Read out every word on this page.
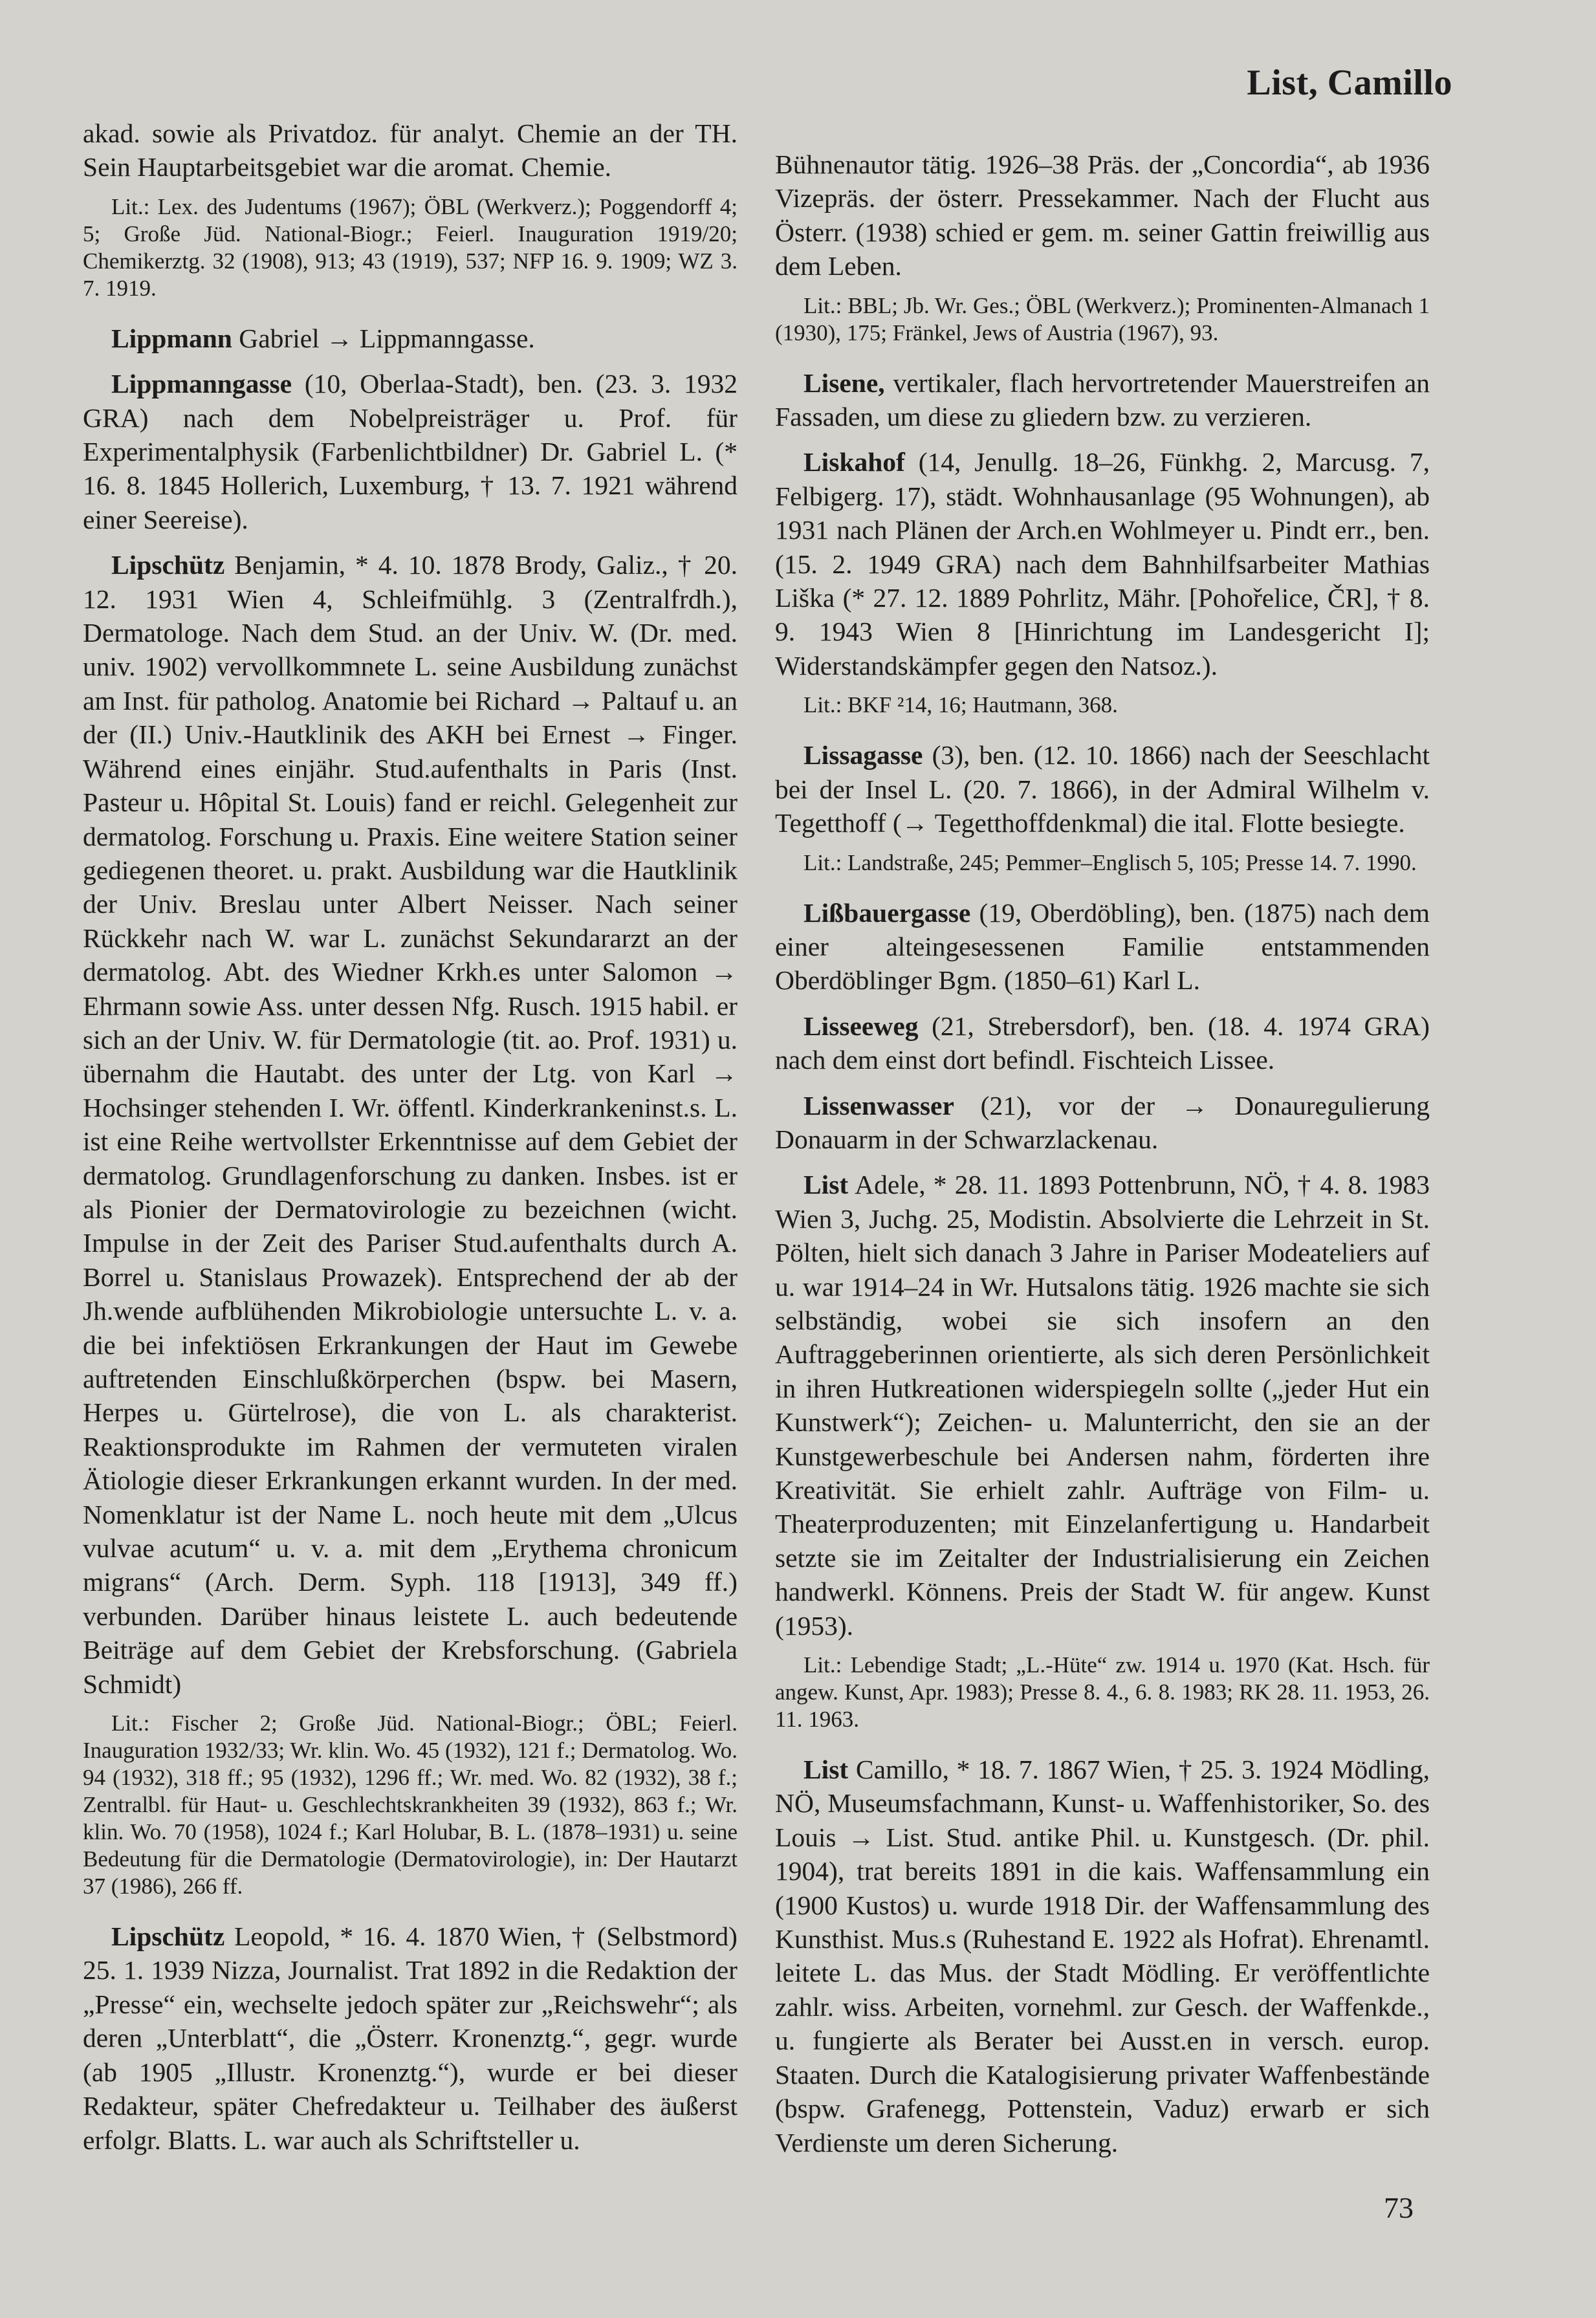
List, Camillo

akad. sowie als Privatdoz. für analyt. Chemie an der TH. Sein Hauptarbeitsgebiet war die aromat. Chemie.

Lit.: Lex. des Judentums (1967); ÖBL (Werkverz.); Poggendorff 4; 5; Große Jüd. National-Biogr.; Feierl. Inauguration 1919/20; Chemikerztg. 32 (1908), 913; 43 (1919), 537; NFP 16. 9. 1909; WZ 3. 7. 1919.

Lippmann Gabriel → Lippmanngasse.

Lippmanngasse (10, Oberlaa-Stadt), ben. (23. 3. 1932 GRA) nach dem Nobelpreisträger u. Prof. für Experimentalphysik (Farbenlichtbildner) Dr. Gabriel L. (* 16. 8. 1845 Hollerich, Luxemburg, † 13. 7. 1921 während einer Seereise).

Lipschütz Benjamin, * 4. 10. 1878 Brody, Galiz., † 20. 12. 1931 Wien 4, Schleifmühlg. 3 (Zentralfrdh.), Dermatologe. Nach dem Stud. an der Univ. W. (Dr. med. univ. 1902) vervollkommnete L. seine Ausbildung zunächst am Inst. für patholog. Anatomie bei Richard → Paltauf u. an der (II.) Univ.-Hautklinik des AKH bei Ernest → Finger. Während eines einjähr. Stud.aufenthalts in Paris (Inst. Pasteur u. Hôpital St. Louis) fand er reichl. Gelegenheit zur dermatolog. Forschung u. Praxis. Eine weitere Station seiner gediegenen theoret. u. prakt. Ausbildung war die Hautklinik der Univ. Breslau unter Albert Neisser. Nach seiner Rückkehr nach W. war L. zunächst Sekundararzt an der dermatolog. Abt. des Wiedner Krkh.es unter Salomon → Ehrmann sowie Ass. unter dessen Nfg. Rusch. 1915 habil. er sich an der Univ. W. für Dermatologie (tit. ao. Prof. 1931) u. übernahm die Hautabt. des unter der Ltg. von Karl → Hochsinger stehenden I. Wr. öffentl. Kinderkrankeninst.s. L. ist eine Reihe wertvollster Erkenntnisse auf dem Gebiet der dermatolog. Grundlagenforschung zu danken. Insbes. ist er als Pionier der Dermatovirologie zu bezeichnen (wicht. Impulse in der Zeit des Pariser Stud.aufenthalts durch A. Borrel u. Stanislaus Prowazek). Entsprechend der ab der Jh.wende aufblühenden Mikrobiologie untersuchte L. v. a. die bei infektiösen Erkrankungen der Haut im Gewebe auftretenden Einschlußkörperchen (bspw. bei Masern, Herpes u. Gürtelrose), die von L. als charakterist. Reaktionsprodukte im Rahmen der vermuteten viralen Ätiologie dieser Erkrankungen erkannt wurden. In der med. Nomenklatur ist der Name L. noch heute mit dem „Ulcus vulvae acutum“ u. v. a. mit dem „Erythema chronicum migrans“ (Arch. Derm. Syph. 118 [1913], 349 ff.) verbunden. Darüber hinaus leistete L. auch bedeutende Beiträge auf dem Gebiet der Krebsforschung. (Gabriela Schmidt)

Lit.: Fischer 2; Große Jüd. National-Biogr.; ÖBL; Feierl. Inauguration 1932/33; Wr. klin. Wo. 45 (1932), 121 f.; Dermatolog. Wo. 94 (1932), 318 ff.; 95 (1932), 1296 ff.; Wr. med. Wo. 82 (1932), 38 f.; Zentralbl. für Haut- u. Geschlechtskrankheiten 39 (1932), 863 f.; Wr. klin. Wo. 70 (1958), 1024 f.; Karl Holubar, B. L. (1878–1931) u. seine Bedeutung für die Dermatologie (Dermatovirologie), in: Der Hautarzt 37 (1986), 266 ff.

Lipschütz Leopold, * 16. 4. 1870 Wien, † (Selbstmord) 25. 1. 1939 Nizza, Journalist. Trat 1892 in die Redaktion der „Presse“ ein, wechselte jedoch später zur „Reichswehr“; als deren „Unterblatt“, die „Österr. Kronenztg.“, gegr. wurde (ab 1905 „Illustr. Kronenztg.“), wurde er bei dieser Redakteur, später Chefredakteur u. Teilhaber des äußerst erfolgr. Blatts. L. war auch als Schriftsteller u.

Bühnenautor tätig. 1926–38 Präs. der „Concordia“, ab 1936 Vizepräs. der österr. Pressekammer. Nach der Flucht aus Österr. (1938) schied er gem. m. seiner Gattin freiwillig aus dem Leben.

Lit.: BBL; Jb. Wr. Ges.; ÖBL (Werkverz.); Prominenten-Almanach 1 (1930), 175; Fränkel, Jews of Austria (1967), 93.

Lisene, vertikaler, flach hervortretender Mauerstreifen an Fassaden, um diese zu gliedern bzw. zu verzieren.

Liskahof (14, Jenullg. 18–26, Fünkhg. 2, Marcusg. 7, Felbigerg. 17), städt. Wohnhausanlage (95 Wohnungen), ab 1931 nach Plänen der Arch.en Wohlmeyer u. Pindt err., ben. (15. 2. 1949 GRA) nach dem Bahnhilfsarbeiter Mathias Liška (* 27. 12. 1889 Pohrlitz, Mähr. [Pohořelice, ČR], † 8. 9. 1943 Wien 8 [Hinrichtung im Landesgericht I]; Widerstandskämpfer gegen den Natsoz.).

Lit.: BKF ²14, 16; Hautmann, 368.

Lissagasse (3), ben. (12. 10. 1866) nach der Seeschlacht bei der Insel L. (20. 7. 1866), in der Admiral Wilhelm v. Tegetthoff (→ Tegetthoffdenkmal) die ital. Flotte besiegte.

Lit.: Landstraße, 245; Pemmer–Englisch 5, 105; Presse 14. 7. 1990.

Lißbauergasse (19, Oberdöbling), ben. (1875) nach dem einer alteingesessenen Familie entstammenden Oberdöblinger Bgm. (1850–61) Karl L.

Lisseeweg (21, Strebersdorf), ben. (18. 4. 1974 GRA) nach dem einst dort befindl. Fischteich Lissee.

Lissenwasser (21), vor der → Donauregulierung Donauarm in der Schwarzlackenau.

List Adele, * 28. 11. 1893 Pottenbrunn, NÖ, † 4. 8. 1983 Wien 3, Juchg. 25, Modistin. Absolvierte die Lehrzeit in St. Pölten, hielt sich danach 3 Jahre in Pariser Modeateliers auf u. war 1914–24 in Wr. Hutsalons tätig. 1926 machte sie sich selbständig, wobei sie sich insofern an den Auftraggeberinnen orientierte, als sich deren Persönlichkeit in ihren Hutkreationen widerspiegeln sollte („jeder Hut ein Kunstwerk“); Zeichen- u. Malunterricht, den sie an der Kunstgewerbeschule bei Andersen nahm, förderten ihre Kreativität. Sie erhielt zahlr. Aufträge von Film- u. Theaterproduzenten; mit Einzelanfertigung u. Handarbeit setzte sie im Zeitalter der Industrialisierung ein Zeichen handwerkl. Könnens. Preis der Stadt W. für angew. Kunst (1953).

Lit.: Lebendige Stadt; „L.-Hüte“ zw. 1914 u. 1970 (Kat. Hsch. für angew. Kunst, Apr. 1983); Presse 8. 4., 6. 8. 1983; RK 28. 11. 1953, 26. 11. 1963.

List Camillo, * 18. 7. 1867 Wien, † 25. 3. 1924 Mödling, NÖ, Museumsfachmann, Kunst- u. Waffenhistoriker, So. des Louis → List. Stud. antike Phil. u. Kunstgesch. (Dr. phil. 1904), trat bereits 1891 in die kais. Waffensammlung ein (1900 Kustos) u. wurde 1918 Dir. der Waffensammlung des Kunsthist. Mus.s (Ruhestand E. 1922 als Hofrat). Ehrenamtl. leitete L. das Mus. der Stadt Mödling. Er veröffentlichte zahlr. wiss. Arbeiten, vornehml. zur Gesch. der Waffenkde., u. fungierte als Berater bei Ausst.en in versch. europ. Staaten. Durch die Katalogisierung privater Waffenbestände (bspw. Grafenegg, Pottenstein, Vaduz) erwarb er sich Verdienste um deren Sicherung.

73
